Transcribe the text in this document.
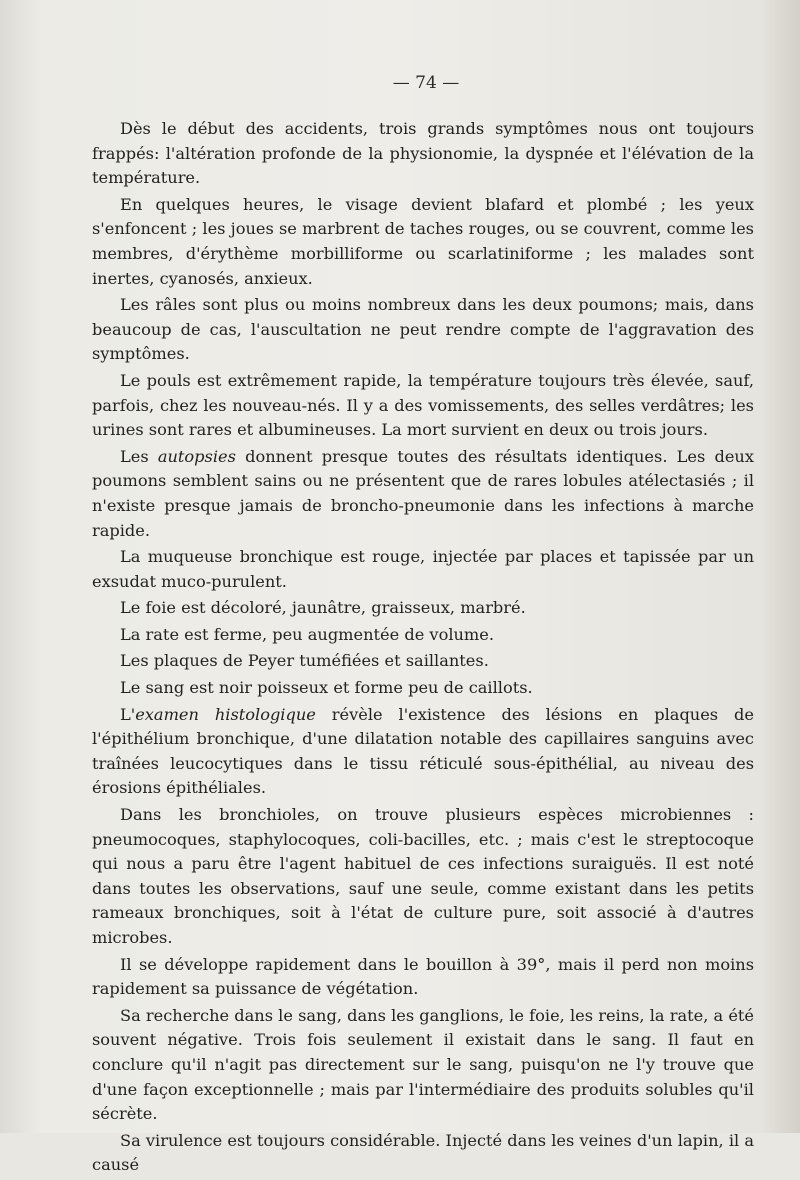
— 74 —

Dès le début des accidents, trois grands symptômes nous ont toujours frappés: l'altération profonde de la physionomie, la dyspnée et l'élévation de la température.

En quelques heures, le visage devient blafard et plombé ; les yeux s'enfoncent ; les joues se marbrent de taches rouges, ou se couvrent, comme les membres, d'érythème morbilliforme ou scarlatiniforme ; les malades sont inertes, cyanosés, anxieux.

Les râles sont plus ou moins nombreux dans les deux poumons; mais, dans beaucoup de cas, l'auscultation ne peut rendre compte de l'aggravation des symptômes.

Le pouls est extrêmement rapide, la température toujours très élevée, sauf, parfois, chez les nouveau-nés. Il y a des vomissements, des selles verdâtres; les urines sont rares et albumineuses. La mort survient en deux ou trois jours.

Les autopsies donnent presque toutes des résultats identiques. Les deux poumons semblent sains ou ne présentent que de rares lobules atélectasiés ; il n'existe presque jamais de broncho-pneumonie dans les infections à marche rapide.

La muqueuse bronchique est rouge, injectée par places et tapissée par un exsudat muco-purulent.

Le foie est décoloré, jaunâtre, graisseux, marbré.

La rate est ferme, peu augmentée de volume.

Les plaques de Peyer tuméfiées et saillantes.

Le sang est noir poisseux et forme peu de caillots.

L'examen histologique révèle l'existence des lésions en plaques de l'épithélium bronchique, d'une dilatation notable des capillaires sanguins avec traînées leucocytiques dans le tissu réticulé sous-épithélial, au niveau des érosions épithéliales.

Dans les bronchioles, on trouve plusieurs espèces microbiennes : pneumocoques, staphylocoques, coli-bacilles, etc. ; mais c'est le streptocoque qui nous a paru être l'agent habituel de ces infections suraiguës. Il est noté dans toutes les observations, sauf une seule, comme existant dans les petits rameaux bronchiques, soit à l'état de culture pure, soit associé à d'autres microbes.

Il se développe rapidement dans le bouillon à 39°, mais il perd non moins rapidement sa puissance de végétation.

Sa recherche dans le sang, dans les ganglions, le foie, les reins, la rate, a été souvent négative. Trois fois seulement il existait dans le sang. Il faut en conclure qu'il n'agit pas directement sur le sang, puisqu'on ne l'y trouve que d'une façon exceptionnelle ; mais par l'intermédiaire des produits solubles qu'il sécrète.

Sa virulence est toujours considérable. Injecté dans les veines d'un lapin, il a causé
